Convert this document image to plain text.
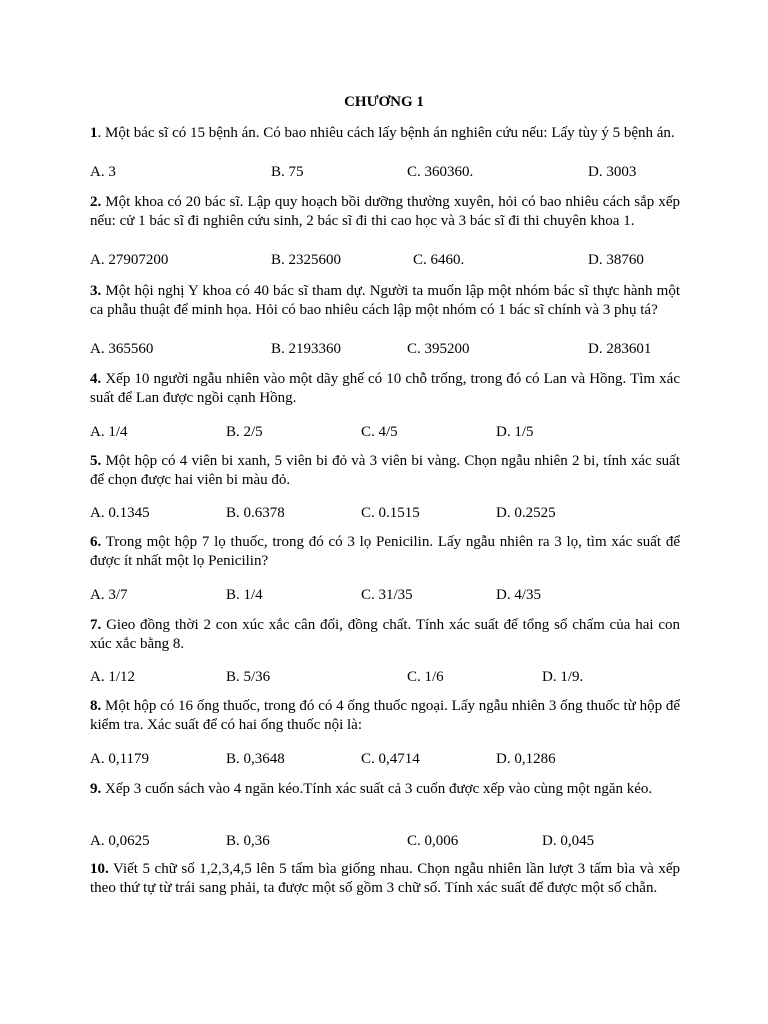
CHƯƠNG 1
1. Một bác sĩ có 15 bệnh án. Có bao nhiêu cách lấy bệnh án nghiên cứu nếu: Lấy tùy ý 5 bệnh án.
A. 3	B. 75	C. 360360.	D. 3003
2. Một khoa có 20 bác sĩ. Lập quy hoạch bồi dưỡng thường xuyên, hỏi có bao nhiêu cách sắp xếp nếu: cử 1 bác sĩ đi nghiên cứu sinh, 2 bác sĩ đi thi cao học và 3 bác sĩ đi thi chuyên khoa 1.
A. 27907200	B. 2325600	C. 6460.	D. 38760
3. Một hội nghị Y khoa có 40 bác sĩ tham dự. Người ta muốn lập một nhóm bác sĩ thực hành một ca phẫu thuật để minh họa. Hỏi có bao nhiêu cách lập một nhóm có 1 bác sĩ chính và 3 phụ tá?
A. 365560	B. 2193360	C. 395200	D. 283601
4. Xếp 10 người ngẫu nhiên vào một dãy ghế có 10 chỗ trống, trong đó có Lan và Hồng. Tìm xác suất để Lan được ngồi cạnh Hồng.
A. 1/4	B. 2/5	C. 4/5	D. 1/5
5. Một hộp có 4 viên bi xanh, 5 viên bi đỏ và 3 viên bi vàng. Chọn ngẫu nhiên 2 bi, tính xác suất để chọn được hai viên bi màu đỏ.
A. 0.1345	B. 0.6378	C. 0.1515	D. 0.2525
6. Trong một hộp 7 lọ thuốc, trong đó có 3 lọ Penicilin. Lấy ngẫu nhiên ra 3 lọ, tìm xác suất để được ít nhất một lọ Penicilin?
A. 3/7	B. 1/4	C. 31/35	D. 4/35
7. Gieo đồng thời 2 con xúc xắc cân đối, đồng chất. Tính xác suất để tổng số chấm của hai con xúc xắc bằng 8.
A. 1/12	B. 5/36	C. 1/6	D. 1/9.
8. Một hộp có 16 ống thuốc, trong đó có 4 ống thuốc ngoại. Lấy ngẫu nhiên 3 ống thuốc từ hộp để kiểm tra. Xác suất để có hai ống thuốc nội là:
A. 0,1179	B. 0,3648	C. 0,4714	D. 0,1286
9. Xếp 3 cuốn sách vào 4 ngăn kéo.Tính xác suất cả 3 cuốn được xếp vào cùng một ngăn kéo.
A. 0,0625	B. 0,36	C. 0,006	D. 0,045
10. Viết 5 chữ số 1,2,3,4,5 lên 5 tấm bìa giống nhau. Chọn ngẫu nhiên lần lượt 3 tấm bìa và xếp theo thứ tự từ trái sang phải, ta được một số gồm 3 chữ số. Tính xác suất để được một số chẵn.
